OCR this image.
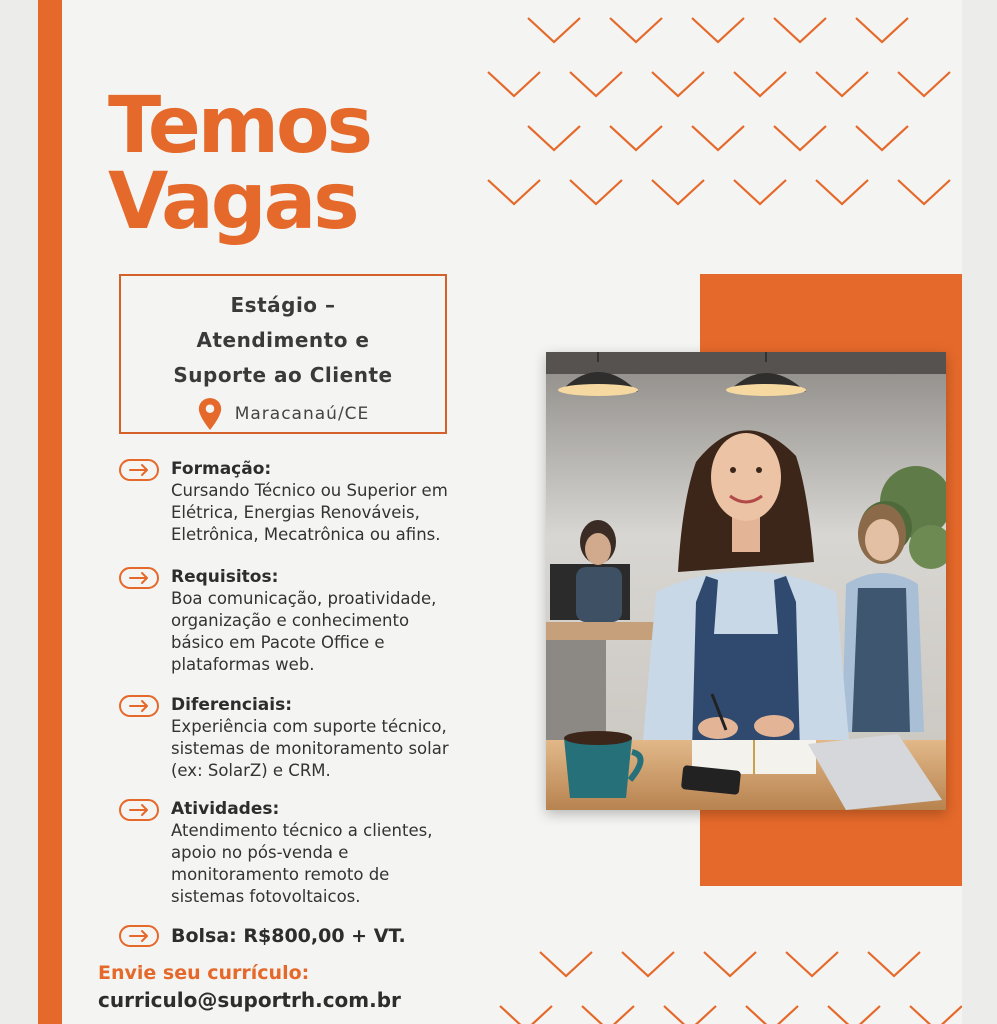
Temos
Vagas
Estágio –
Atendimento e
Suporte ao Cliente
Maracanaú/CE
Formação:
Cursando Técnico ou Superior em
Elétrica, Energias Renováveis,
Eletrônica, Mecatrônica ou afins.
Requisitos:
Boa comunicação, proatividade,
organização e conhecimento
básico em Pacote Office e
plataformas web.
Diferenciais:
Experiência com suporte técnico,
sistemas de monitoramento solar
(ex: SolarZ) e CRM.
Atividades:
Atendimento técnico a clientes,
apoio no pós-venda e
monitoramento remoto de
sistemas fotovoltaicos.
Bolsa: R$800,00 + VT.
Envie seu currículo:
curriculo@suportrh.com.br
